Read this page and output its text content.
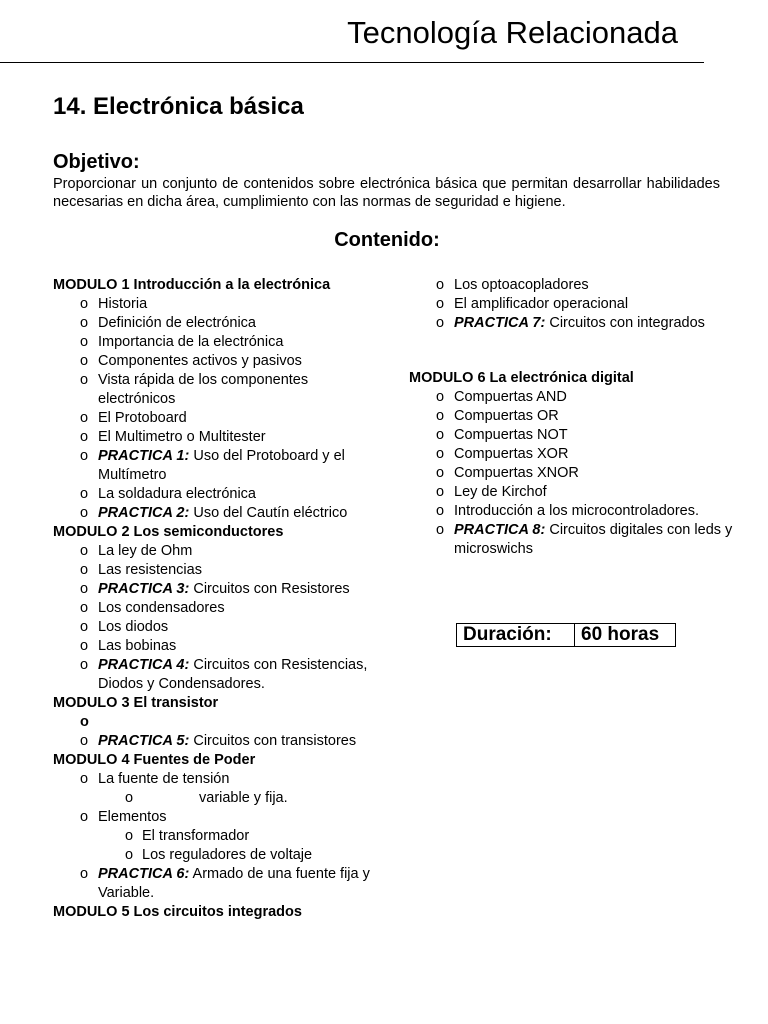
Tecnología Relacionada
14. Electrónica básica
Objetivo:
Proporcionar un conjunto de contenidos sobre electrónica básica que permitan desarrollar habilidades necesarias en dicha área, cumplimiento con las normas de seguridad e higiene.
Contenido:
MODULO 1 Introducción a la electrónica
o Historia
o Definición de electrónica
o Importancia de la electrónica
o Componentes activos y pasivos
o Vista rápida de los componentes electrónicos
o El Protoboard
o El Multimetro o Multitester
o PRACTICA 1: Uso del Protoboard y el Multímetro
o La soldadura electrónica
o PRACTICA 2: Uso del Cautín eléctrico
MODULO 2 Los semiconductores
o La ley de Ohm
o Las resistencias
o PRACTICA 3: Circuitos con Resistores
o Los condensadores
o Los diodos
o Las bobinas
o PRACTICA 4: Circuitos con Resistencias, Diodos y Condensadores.
MODULO 3 El transistor
o

o PRACTICA 5: Circuitos con transistores
MODULO 4 Fuentes de Poder
o La fuente de tensión
o	variable y fija.
o Elementos
o El transformador
o Los reguladores de voltaje
o PRACTICA 6: Armado de una fuente fija y Variable.
MODULO 5 Los circuitos integrados
o Los optoacopladores
o El amplificador operacional
o PRACTICA 7: Circuitos con integrados
MODULO 6 La electrónica digital
o Compuertas AND
o Compuertas OR
o Compuertas NOT
o Compuertas XOR
o Compuertas XNOR
o Ley de Kirchof
o Introducción a los microcontroladores.
o PRACTICA 8: Circuitos digitales con leds y microswichs
Duración:	60 horas
